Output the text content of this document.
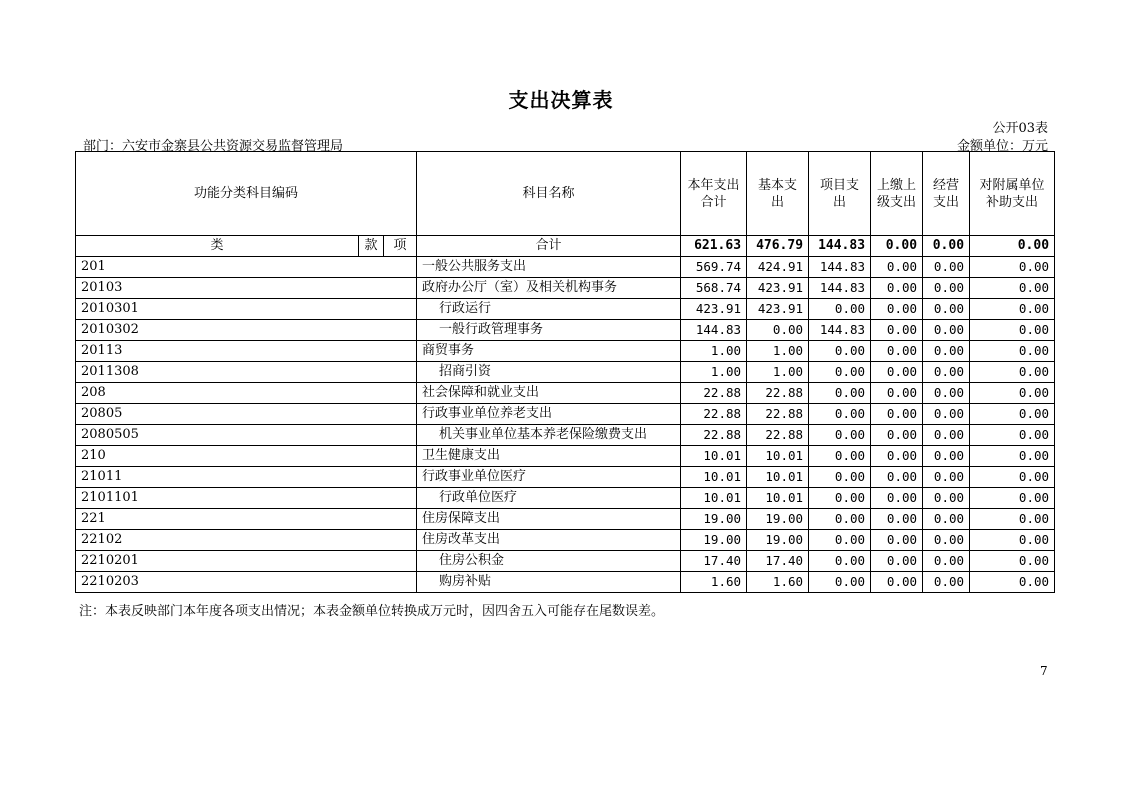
支出决算表
公开03表
部门：六安市金寨县公共资源交易监督管理局	金额单位：万元
功能分类科目编码			科目名称	本年支出合计	基本支出	项目支出	上缴上级支出	经营支出	对附属单位补助支出
类	款	项	合计	621.63	476.79	144.83	0.00	0.00	0.00
201			一般公共服务支出	569.74	424.91	144.83	0.00	0.00	0.00
20103			政府办公厅（室）及相关机构事务	568.74	423.91	144.83	0.00	0.00	0.00
2010301			行政运行	423.91	423.91	0.00	0.00	0.00	0.00
2010302			一般行政管理事务	144.83	0.00	144.83	0.00	0.00	0.00
20113			商贸事务	1.00	1.00	0.00	0.00	0.00	0.00
2011308			招商引资	1.00	1.00	0.00	0.00	0.00	0.00
208			社会保障和就业支出	22.88	22.88	0.00	0.00	0.00	0.00
20805			行政事业单位养老支出	22.88	22.88	0.00	0.00	0.00	0.00
2080505			机关事业单位基本养老保险缴费支出	22.88	22.88	0.00	0.00	0.00	0.00
210			卫生健康支出	10.01	10.01	0.00	0.00	0.00	0.00
21011			行政事业单位医疗	10.01	10.01	0.00	0.00	0.00	0.00
2101101			行政单位医疗	10.01	10.01	0.00	0.00	0.00	0.00
221			住房保障支出	19.00	19.00	0.00	0.00	0.00	0.00
22102			住房改革支出	19.00	19.00	0.00	0.00	0.00	0.00
2210201			住房公积金	17.40	17.40	0.00	0.00	0.00	0.00
2210203			购房补贴	1.60	1.60	0.00	0.00	0.00	0.00
注：本表反映部门本年度各项支出情况；本表金额单位转换成万元时，因四舍五入可能存在尾数误差。
7
